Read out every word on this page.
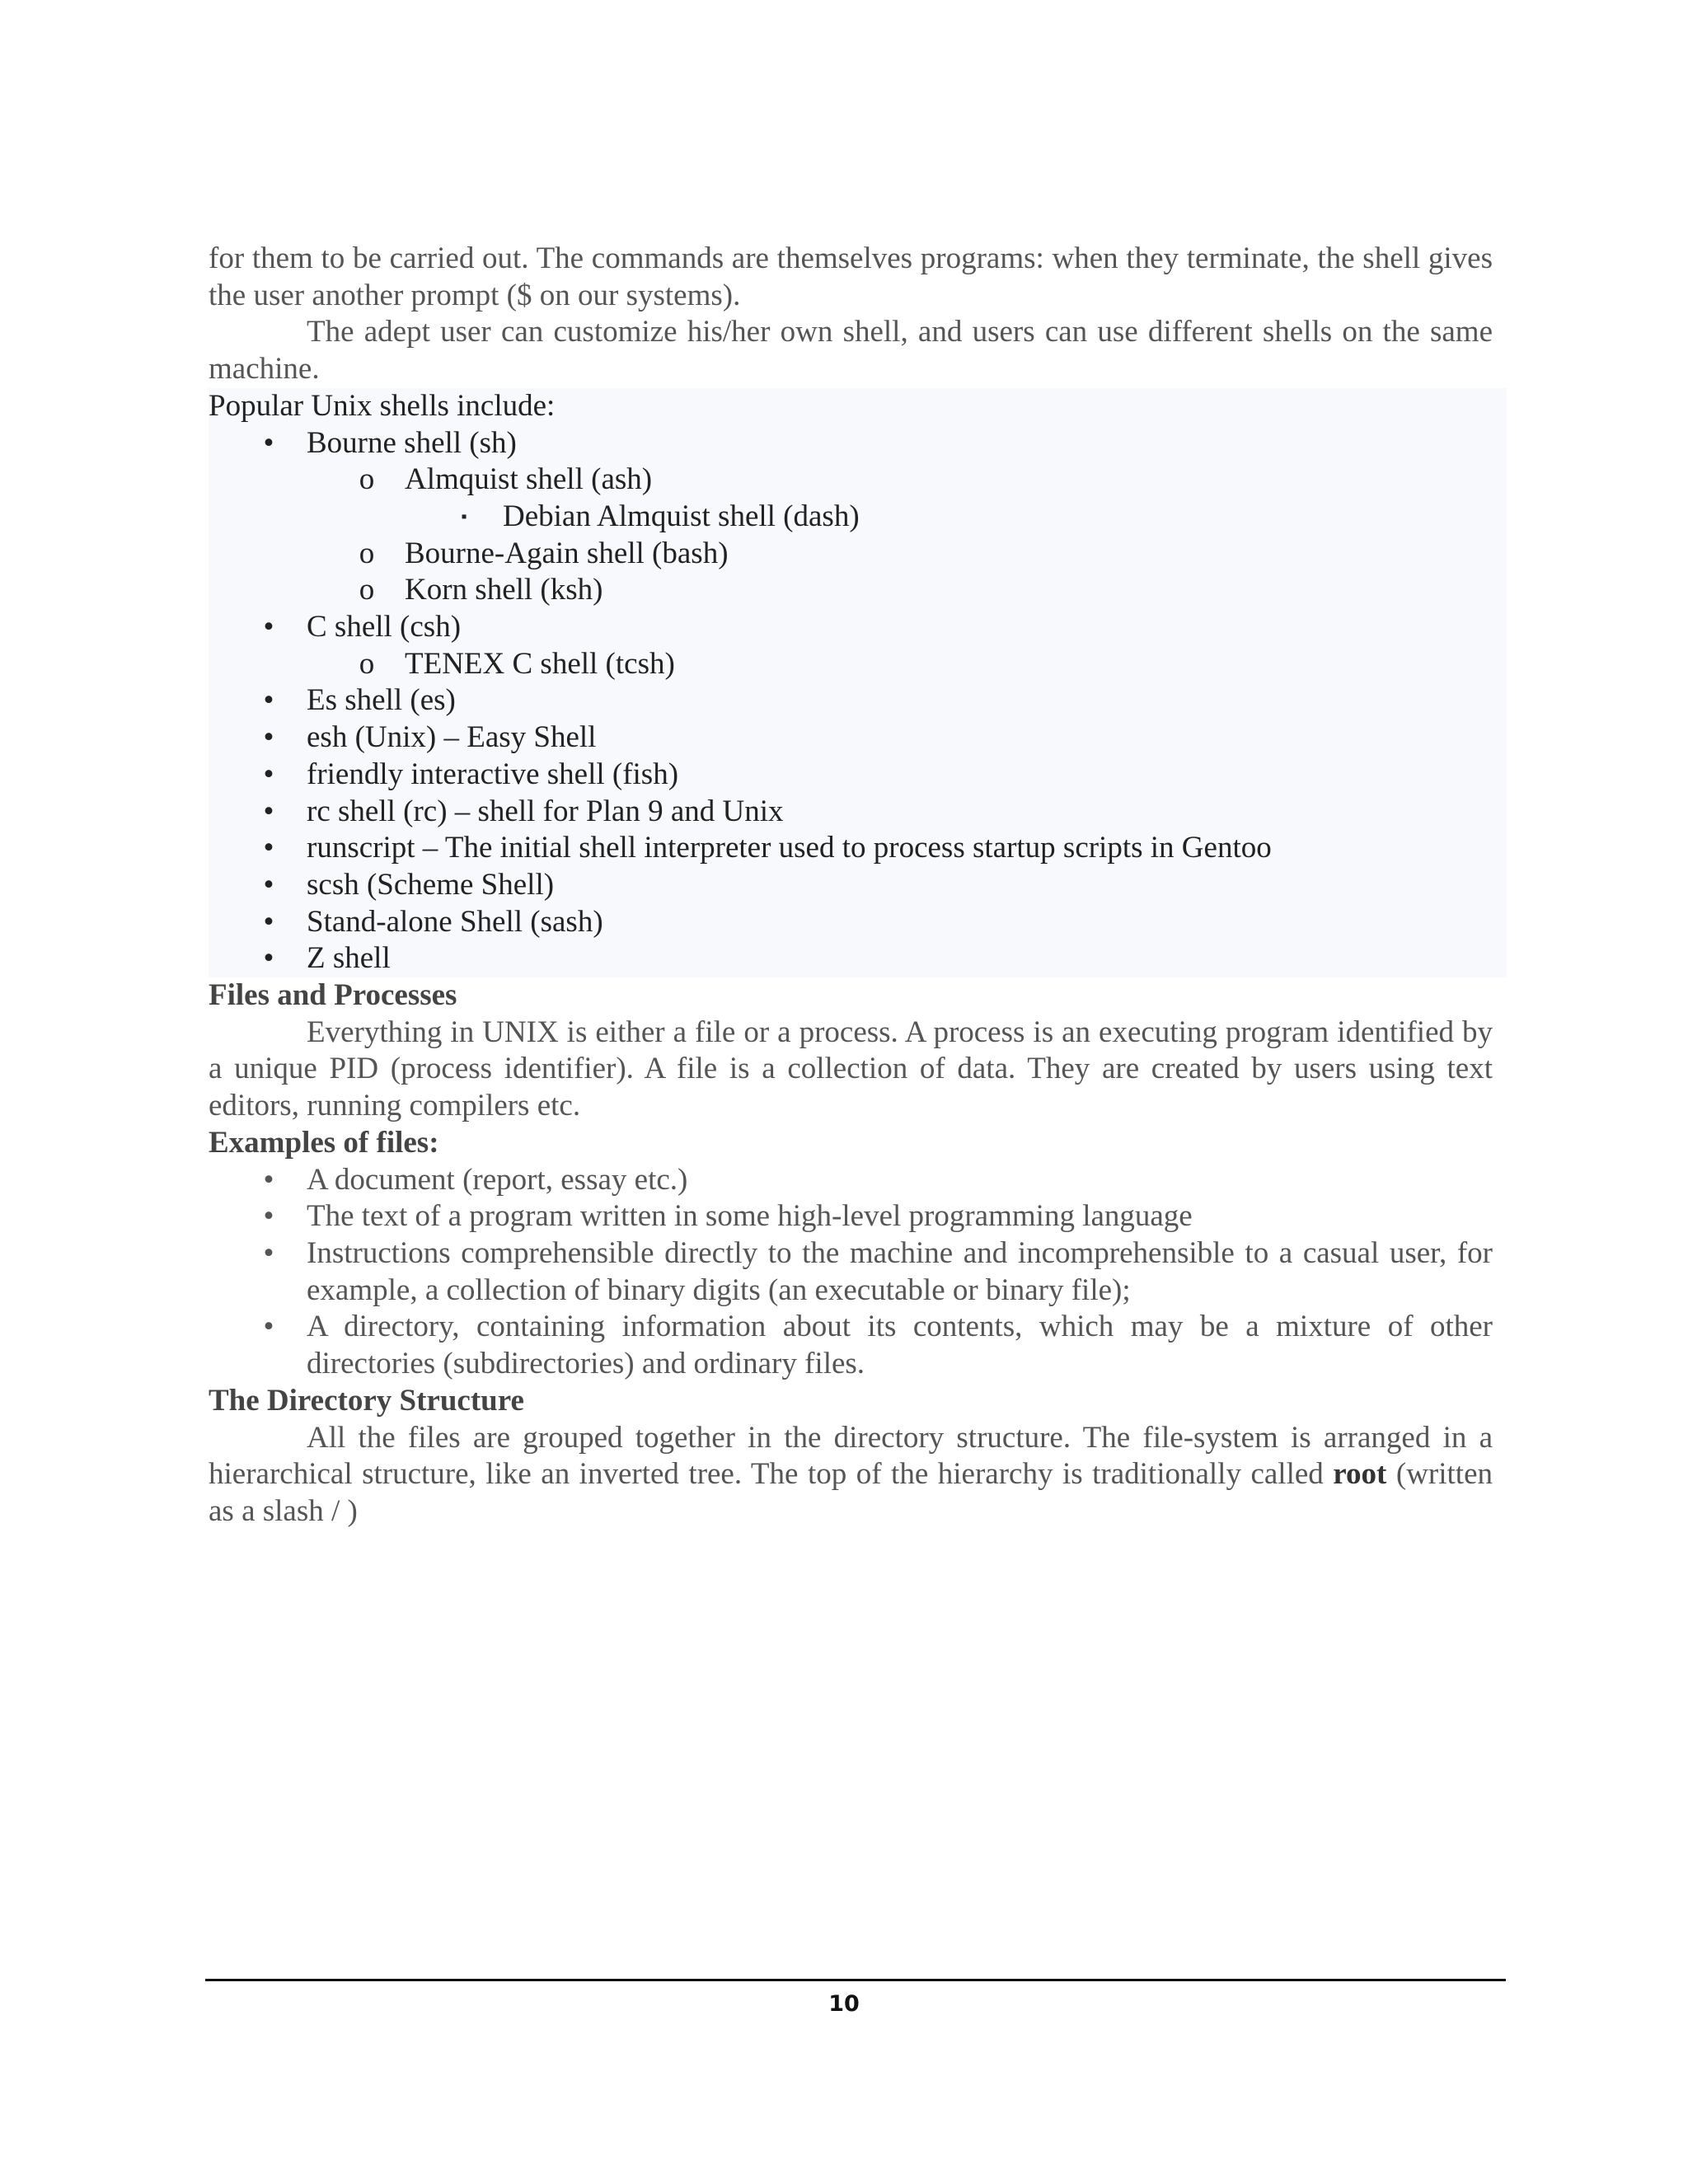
for them to be carried out. The commands are themselves programs: when they terminate, the shell gives the user another prompt ($ on our systems).

The adept user can customize his/her own shell, and users can use different shells on the same machine.

Popular Unix shells include:
•	Bourne shell (sh)
o Almquist shell (ash)
▪	Debian Almquist shell (dash)
o Bourne-Again shell (bash)
o Korn shell (ksh)
•	C shell (csh)
o TENEX C shell (tcsh)
•	Es shell (es)
•	esh (Unix) – Easy Shell
•	friendly interactive shell (fish)
•	rc shell (rc) – shell for Plan 9 and Unix
•	runscript – The initial shell interpreter used to process startup scripts in Gentoo
•	scsh (Scheme Shell)
•	Stand-alone Shell (sash)
•	Z shell
Files and Processes

Everything in UNIX is either a file or a process. A process is an executing program identified by a unique PID (process identifier). A file is a collection of data. They are created by users using text editors, running compilers etc.

Examples of files:
•	A document (report, essay etc.)
•	The text of a program written in some high-level programming language
•	Instructions comprehensible directly to the machine and incomprehensible to a casual user, for example, a collection of binary digits (an executable or binary file);
•	A directory, containing information about its contents, which may be a mixture of other directories (subdirectories) and ordinary files.
The Directory Structure

All the files are grouped together in the directory structure. The file-system is arranged in a hierarchical structure, like an inverted tree. The top of the hierarchy is traditionally called root (written as a slash / )

10
